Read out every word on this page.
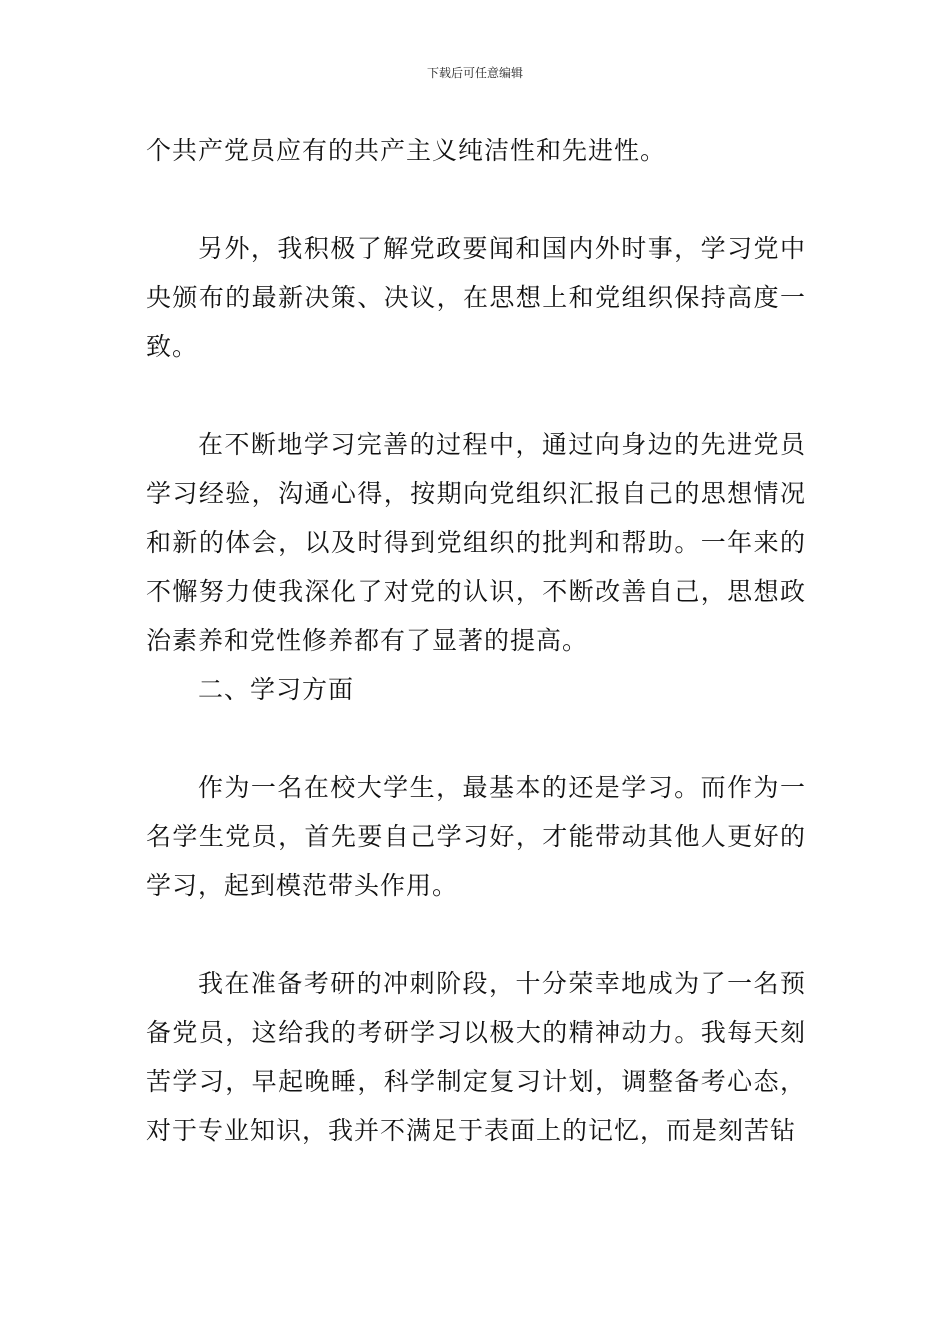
下载后可任意编辑

个共产党员应有的共产主义纯洁性和先进性。

另外，我积极了解党政要闻和国内外时事，学习党中央颁布的最新决策、决议，在思想上和党组织保持高度一致。

在不断地学习完善的过程中，通过向身边的先进党员学习经验，沟通心得，按期向党组织汇报自己的思想情况和新的体会，以及时得到党组织的批判和帮助。一年来的不懈努力使我深化了对党的认识，不断改善自己，思想政治素养和党性修养都有了显著的提高。

二、学习方面

作为一名在校大学生，最基本的还是学习。而作为一名学生党员，首先要自己学习好，才能带动其他人更好的学习，起到模范带头作用。

我在准备考研的冲刺阶段，十分荣幸地成为了一名预备党员，这给我的考研学习以极大的精神动力。我每天刻苦学习，早起晚睡，科学制定复习计划，调整备考心态，对于专业知识，我并不满足于表面上的记忆，而是刻苦钻
